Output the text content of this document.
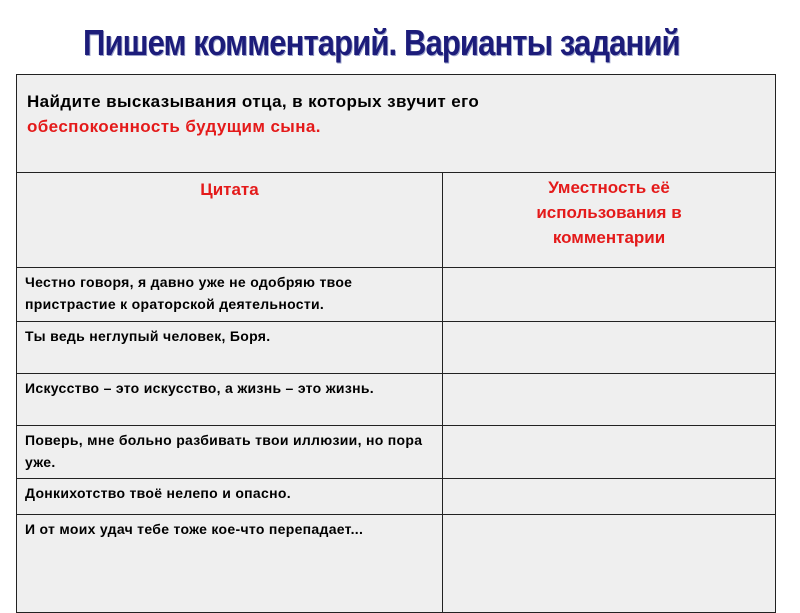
Пишем комментарий. Варианты заданий
Найдите высказывания отца, в которых звучит его
обеспокоенность будущим сына.	

Цитата	Уместность её
использования в
комментарии
Честно говоря, я давно уже не одобряю твое пристрастие к ораторской деятельности.	
Ты ведь неглупый человек, Боря.	
Искусство – это искусство, а жизнь – это жизнь.	
Поверь, мне больно разбивать твои иллюзии, но пора уже.	
Донкихотство твоё нелепо и опасно.	
И от моих удач тебе тоже кое-что перепадает...	
